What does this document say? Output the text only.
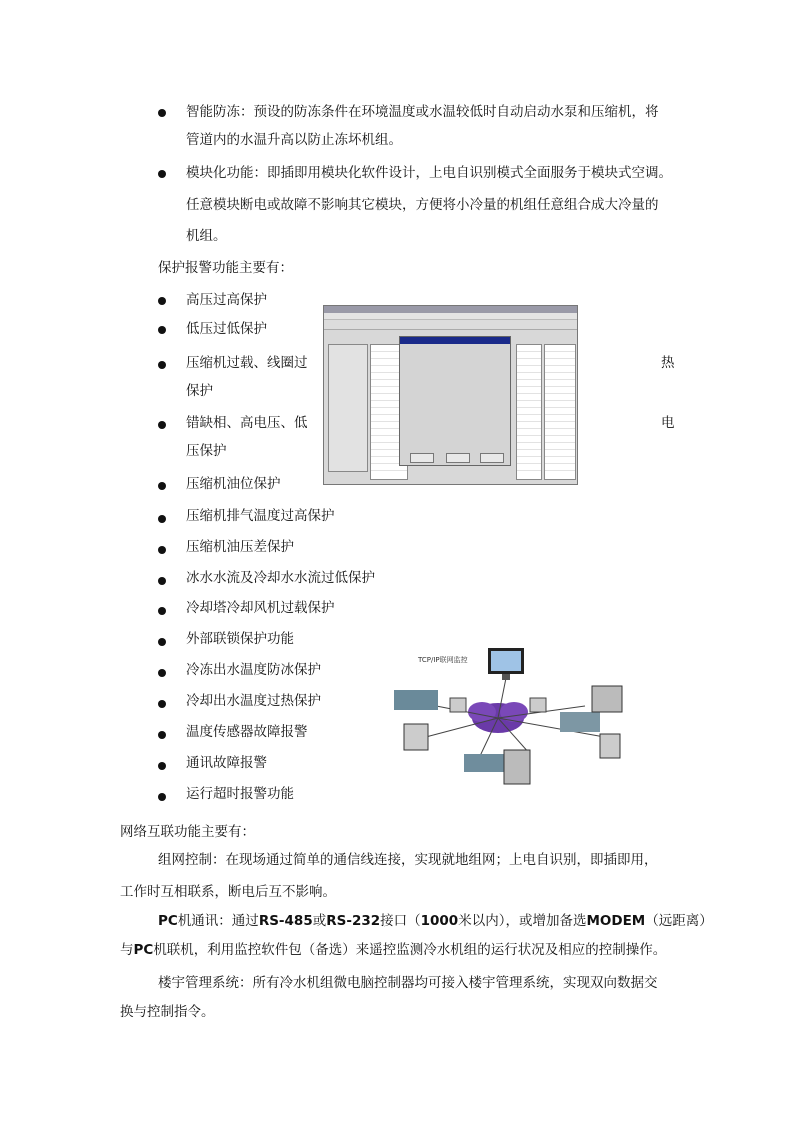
智能防冻：预设的防冻条件在环境温度或水温较低时自动启动水泵和压缩机，将
管道内的水温升高以防止冻坏机组。
模块化功能：即插即用模块化软件设计，上电自识别模式全面服务于模块式空调。
任意模块断电或故障不影响其它模块，方便将小冷量的机组任意组合成大冷量的
机组。
保护报警功能主要有：
高压过高保护
低压过低保护
压缩机过载、线圈过	热
保护
错缺相、高电压、低	电
压保护
压缩机油位保护
压缩机排气温度过高保护
压缩机油压差保护
冰水水流及冷却水水流过低保护
冷却塔冷却风机过载保护
外部联锁保护功能
冷冻出水温度防冰保护
冷却出水温度过热保护
温度传感器故障报警
通讯故障报警
运行超时报警功能
网络互联功能主要有：
组网控制：在现场通过简单的通信线连接，实现就地组网；上电自识别，即插即用，
工作时互相联系，断电后互不影响。
PC机通讯：通过RS-485或RS-232接口（1000米以内），或增加备选MODEM（远距离）
与PC机联机，利用监控软件包（备选）来遥控监测冷水机组的运行状况及相应的控制操作。
楼宇管理系统：所有冷水机组微电脑控制器均可接入楼宇管理系统，实现双向数据交
换与控制指令。
TCP/IP联网监控
